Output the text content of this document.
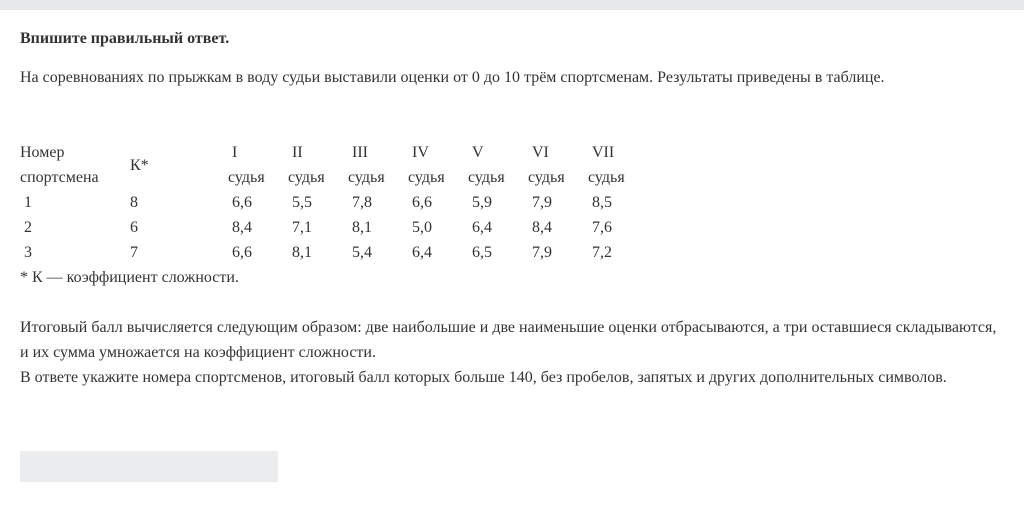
Впишите правильный ответ.

На соревнованиях по прыжкам в воду судьи выставили оценки от 0 до 10 трём спортсменам. Результаты приведены в таблице.

Номер	К*	I	II	III	IV	V	VI	VII
спортсмена		судья	судья	судья	судья	судья	судья	судья
1	8	6,6	5,5	7,8	6,6	5,9	7,9	8,5
2	6	8,4	7,1	8,1	5,0	6,4	8,4	7,6
3	7	6,6	8,1	5,4	6,4	6,5	7,9	7,2

* К — коэффициент сложности.

Итоговый балл вычисляется следующим образом: две наибольшие и две наименьшие оценки отбрасываются, а три оставшиеся складываются,

и их сумма умножается на коэффициент сложности.

В ответе укажите номера спортсменов, итоговый балл которых больше 140, без пробелов, запятых и других дополнительных символов.
